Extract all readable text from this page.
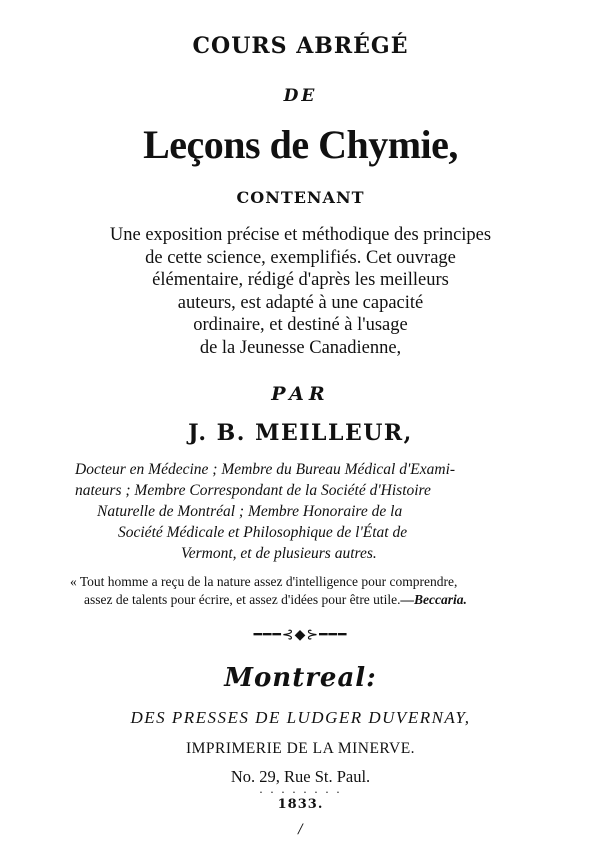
COURS ABRÉGÉ
DE
Leçons de Chymie,
CONTENANT
Une exposition précise et méthodique des principes
de cette science, exemplifiés. Cet ouvrage
élémentaire, rédigé d'après les meilleurs
auteurs, est adapté à une capacité
ordinaire, et destiné à l'usage
de la Jeunesse Canadienne,
PAR
J. B. MEILLEUR,
Docteur en Médecine ; Membre du Bureau Médical d'Exami-
nateurs ; Membre Correspondant de la Société d'Histoire
Naturelle de Montréal ; Membre Honoraire de la
Société Médicale et Philosophique de l'État de
Vermont, et de plusieurs autres.
« Tout homme a reçu de la nature assez d'intelligence pour comprendre,
assez de talents pour écrire, et assez d'idées pour être utile.—Beccaria.
━━━⊰◆⊱━━━
Montreal:
DES PRESSES DE LUDGER DUVERNAY,
IMPRIMERIE DE LA MINERVE.
No. 29, Rue St. Paul.
· · · · · · · ·
1833.
/
